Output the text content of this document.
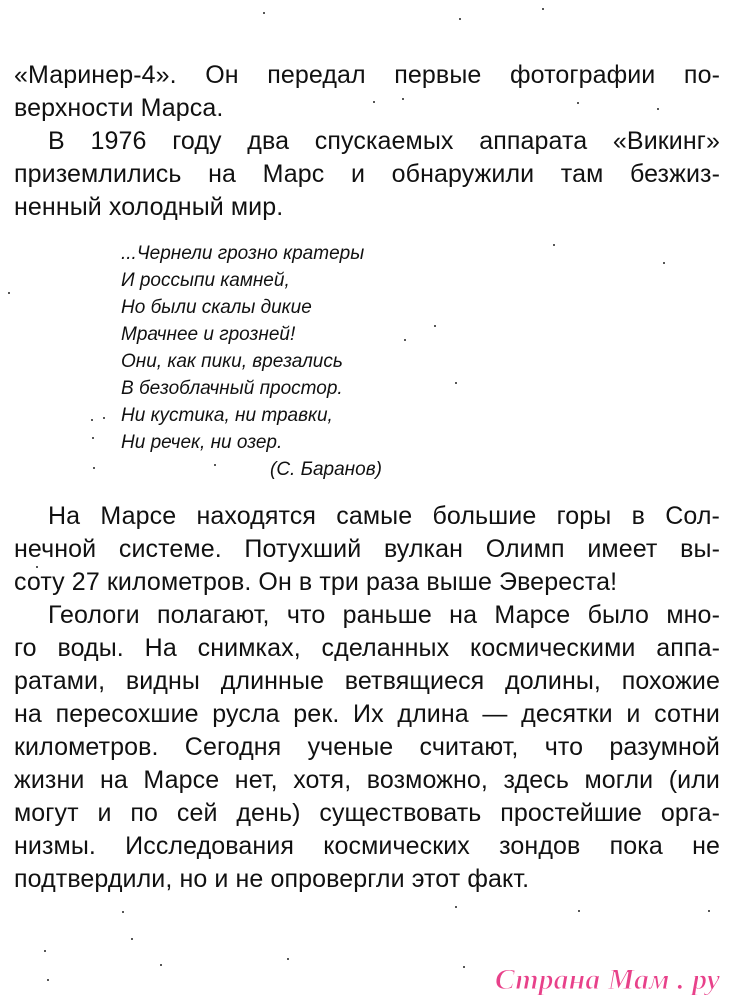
«Маринер-4». Он передал первые фотографии по-
верхности Марса.
В 1976 году два спускаемых аппарата «Викинг»
приземлились на Марс и обнаружили там безжиз-
ненный холодный мир.
...Чернели грозно кратеры
И россыпи камней,
Но были скалы дикие
Мрачнее и грозней!
Они, как пики, врезались
В безоблачный простор.
Ни кустика, ни травки,
Ни речек, ни озер.
(С. Баранов)
На Марсе находятся самые большие горы в Сол-
нечной системе. Потухший вулкан Олимп имеет вы-
соту 27 километров. Он в три раза выше Эвереста!
Геологи полагают, что раньше на Марсе было мно-
го воды. На снимках, сделанных космическими аппа-
ратами, видны длинные ветвящиеся долины, похожие
на пересохшие русла рек. Их длина — десятки и сотни
километров. Сегодня ученые считают, что разумной
жизни на Марсе нет, хотя, возможно, здесь могли (или
могут и по сей день) существовать простейшие орга-
низмы. Исследования космических зондов пока не
подтвердили, но и не опровергли этот факт.
Страна Мам . ру
